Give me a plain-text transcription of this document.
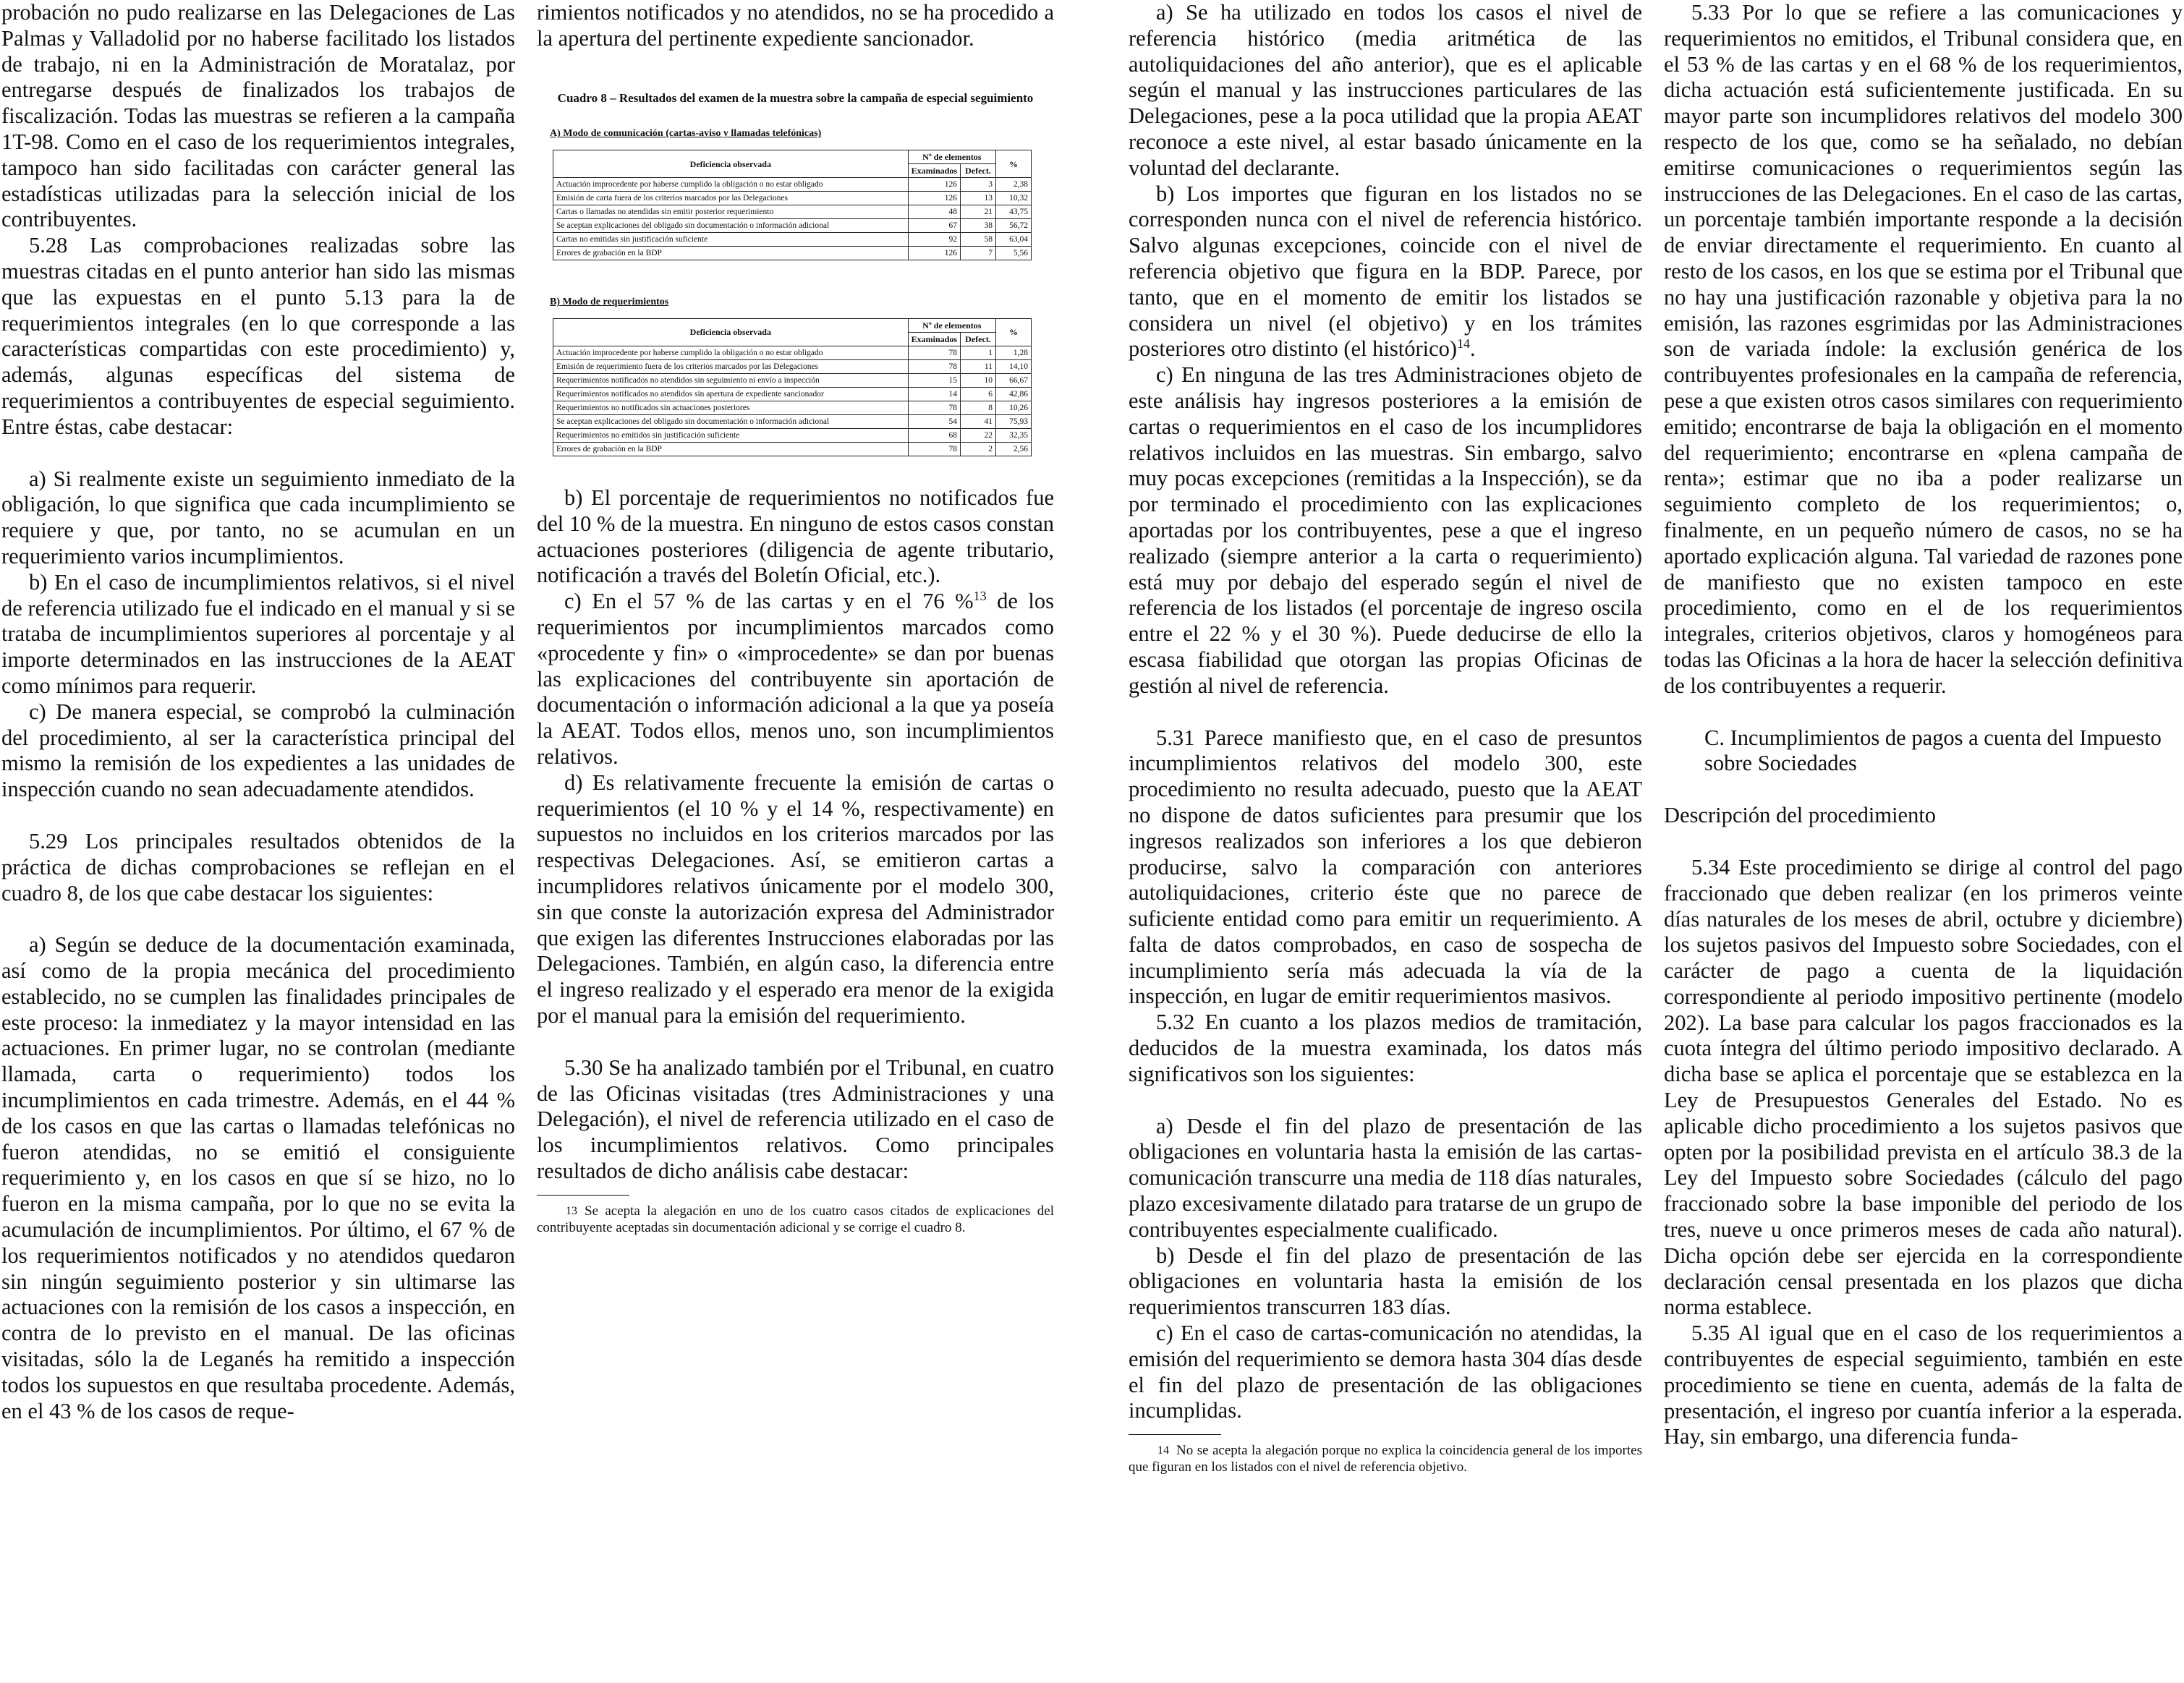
probación no pudo realizarse en las Delegaciones de Las Palmas y Valladolid por no haberse facilitado los listados de trabajo, ni en la Administración de Moratalaz, por entregarse después de finalizados los trabajos de fiscalización. Todas las muestras se refieren a la campaña 1T-98. Como en el caso de los requerimientos integrales, tampoco han sido facilitadas con carácter general las estadísticas utilizadas para la selección inicial de los contribuyentes.

5.28 Las comprobaciones realizadas sobre las muestras citadas en el punto anterior han sido las mismas que las expuestas en el punto 5.13 para la de requerimientos integrales (en lo que corresponde a las características compartidas con este procedimiento) y, además, algunas específicas del sistema de requerimientos a contribuyentes de especial seguimiento. Entre éstas, cabe destacar:

a) Si realmente existe un seguimiento inmediato de la obligación, lo que significa que cada incumplimiento se requiere y que, por tanto, no se acumulan en un requerimiento varios incumplimientos.

b) En el caso de incumplimientos relativos, si el nivel de referencia utilizado fue el indicado en el manual y si se trataba de incumplimientos superiores al porcentaje y al importe determinados en las instrucciones de la AEAT como mínimos para requerir.

c) De manera especial, se comprobó la culminación del procedimiento, al ser la característica principal del mismo la remisión de los expedientes a las unidades de inspección cuando no sean adecuadamente atendidos.

5.29 Los principales resultados obtenidos de la práctica de dichas comprobaciones se reflejan en el cuadro 8, de los que cabe destacar los siguientes:

a) Según se deduce de la documentación examinada, así como de la propia mecánica del procedimiento establecido, no se cumplen las finalidades principales de este proceso: la inmediatez y la mayor intensidad en las actuaciones. En primer lugar, no se controlan (mediante llamada, carta o requerimiento) todos los incumplimientos en cada trimestre. Además, en el 44 % de los casos en que las cartas o llamadas telefónicas no fueron atendidas, no se emitió el consiguiente requerimiento y, en los casos en que sí se hizo, no lo fueron en la misma campaña, por lo que no se evita la acumulación de incumplimientos. Por último, el 67 % de los requerimientos notificados y no atendidos quedaron sin ningún seguimiento posterior y sin ultimarse las actuaciones con la remisión de los casos a inspección, en contra de lo previsto en el manual. De las oficinas visitadas, sólo la de Leganés ha remitido a inspección todos los supuestos en que resultaba procedente. Además, en el 43 % de los casos de reque-

rimientos notificados y no atendidos, no se ha procedido a la apertura del pertinente expediente sancionador.

Cuadro 8 – Resultados del examen de la muestra sobre la campaña de especial seguimiento
A) Modo de comunicación (cartas-aviso y llamadas telefónicas)
Deficiencia observada	Nº de elementos		%
	Examinados	Defect.	
Actuación improcedente por haberse cumplido la obligación o no estar obligado	126	3	2,38
Emisión de carta fuera de los criterios marcados por las Delegaciones	126	13	10,32
Cartas o llamadas no atendidas sin emitir posterior requerimiento	48	21	43,75
Se aceptan explicaciones del obligado sin documentación o información adicional	67	38	56,72
Cartas no emitidas sin justificación suficiente	92	58	63,04
Errores de grabación en la BDP	126	7	5,56
B) Modo de requerimientos
Deficiencia observada	Nº de elementos		%
	Examinados	Defect.	
Actuación improcedente por haberse cumplido la obligación o no estar obligado	78	1	1,28
Emisión de requerimiento fuera de los criterios marcados por las Delegaciones	78	11	14,10
Requerimientos notificados no atendidos sin seguimiento ni envío a inspección	15	10	66,67
Requerimientos notificados no atendidos sin apertura de expediente sancionador	14	6	42,86
Requerimientos no notificados sin actuaciones posteriores	78	8	10,26
Se aceptan explicaciones del obligado sin documentación o información adicional	54	41	75,93
Requerimientos no emitidos sin justificación suficiente	68	22	32,35
Errores de grabación en la BDP	78	2	2,56

b) El porcentaje de requerimientos no notificados fue del 10 % de la muestra. En ninguno de estos casos constan actuaciones posteriores (diligencia de agente tributario, notificación a través del Boletín Oficial, etc.).

c) En el 57 % de las cartas y en el 76 %$^{13}$ de los requerimientos por incumplimientos marcados como «procedente y fin» o «improcedente» se dan por buenas las explicaciones del contribuyente sin aportación de documentación o información adicional a la que ya poseía la AEAT. Todos ellos, menos uno, son incumplimientos relativos.

d) Es relativamente frecuente la emisión de cartas o requerimientos (el 10 % y el 14 %, respectivamente) en supuestos no incluidos en los criterios marcados por las respectivas Delegaciones. Así, se emitieron cartas a incumplidores relativos únicamente por el modelo 300, sin que conste la autorización expresa del Administrador que exigen las diferentes Instrucciones elaboradas por las Delegaciones. También, en algún caso, la diferencia entre el ingreso realizado y el esperado era menor de la exigida por el manual para la emisión del requerimiento.

5.30 Se ha analizado también por el Tribunal, en cuatro de las Oficinas visitadas (tres Administraciones y una Delegación), el nivel de referencia utilizado en el caso de los incumplimientos relativos. Como principales resultados de dicho análisis cabe destacar:

13 Se acepta la alegación en uno de los cuatro casos citados de explicaciones del contribuyente aceptadas sin documentación adicional y se corrige el cuadro 8.

a) Se ha utilizado en todos los casos el nivel de referencia histórico (media aritmética de las autoliquidaciones del año anterior), que es el aplicable según el manual y las instrucciones particulares de las Delegaciones, pese a la poca utilidad que la propia AEAT reconoce a este nivel, al estar basado únicamente en la voluntad del declarante.

b) Los importes que figuran en los listados no se corresponden nunca con el nivel de referencia histórico. Salvo algunas excepciones, coincide con el nivel de referencia objetivo que figura en la BDP. Parece, por tanto, que en el momento de emitir los listados se considera un nivel (el objetivo) y en los trámites posteriores otro distinto (el histórico)$^{14}$.

c) En ninguna de las tres Administraciones objeto de este análisis hay ingresos posteriores a la emisión de cartas o requerimientos en el caso de los incumplidores relativos incluidos en las muestras. Sin embargo, salvo muy pocas excepciones (remitidas a la Inspección), se da por terminado el procedimiento con las explicaciones aportadas por los contribuyentes, pese a que el ingreso realizado (siempre anterior a la carta o requerimiento) está muy por debajo del esperado según el nivel de referencia de los listados (el porcentaje de ingreso oscila entre el 22 % y el 30 %). Puede deducirse de ello la escasa fiabilidad que otorgan las propias Oficinas de gestión al nivel de referencia.

5.31 Parece manifiesto que, en el caso de presuntos incumplimientos relativos del modelo 300, este procedimiento no resulta adecuado, puesto que la AEAT no dispone de datos suficientes para presumir que los ingresos realizados son inferiores a los que debieron producirse, salvo la comparación con anteriores autoliquidaciones, criterio éste que no parece de suficiente entidad como para emitir un requerimiento. A falta de datos comprobados, en caso de sospecha de incumplimiento sería más adecuada la vía de la inspección, en lugar de emitir requerimientos masivos.

5.32 En cuanto a los plazos medios de tramitación, deducidos de la muestra examinada, los datos más significativos son los siguientes:

a) Desde el fin del plazo de presentación de las obligaciones en voluntaria hasta la emisión de las cartas-comunicación transcurre una media de 118 días naturales, plazo excesivamente dilatado para tratarse de un grupo de contribuyentes especialmente cualificado.

b) Desde el fin del plazo de presentación de las obligaciones en voluntaria hasta la emisión de los requerimientos transcurren 183 días.

c) En el caso de cartas-comunicación no atendidas, la emisión del requerimiento se demora hasta 304 días desde el fin del plazo de presentación de las obligaciones incumplidas.

14 No se acepta la alegación porque no explica la coincidencia general de los importes que figuran en los listados con el nivel de referencia objetivo.

5.33 Por lo que se refiere a las comunicaciones y requerimientos no emitidos, el Tribunal considera que, en el 53 % de las cartas y en el 68 % de los requerimientos, dicha actuación está suficientemente justificada. En su mayor parte son incumplidores relativos del modelo 300 respecto de los que, como se ha señalado, no debían emitirse comunicaciones o requerimientos según las instrucciones de las Delegaciones. En el caso de las cartas, un porcentaje también importante responde a la decisión de enviar directamente el requerimiento. En cuanto al resto de los casos, en los que se estima por el Tribunal que no hay una justificación razonable y objetiva para la no emisión, las razones esgrimidas por las Administraciones son de variada índole: la exclusión genérica de los contribuyentes profesionales en la campaña de referencia, pese a que existen otros casos similares con requerimiento emitido; encontrarse de baja la obligación en el momento del requerimiento; encontrarse en «plena campaña de renta»; estimar que no iba a poder realizarse un seguimiento completo de los requerimientos; o, finalmente, en un pequeño número de casos, no se ha aportado explicación alguna. Tal variedad de razones pone de manifiesto que no existen tampoco en este procedimiento, como en el de los requerimientos integrales, criterios objetivos, claros y homogéneos para todas las Oficinas a la hora de hacer la selección definitiva de los contribuyentes a requerir.

C. Incumplimientos de pagos a cuenta del Impuesto sobre Sociedades

Descripción del procedimiento

5.34 Este procedimiento se dirige al control del pago fraccionado que deben realizar (en los primeros veinte días naturales de los meses de abril, octubre y diciembre) los sujetos pasivos del Impuesto sobre Sociedades, con el carácter de pago a cuenta de la liquidación correspondiente al periodo impositivo pertinente (modelo 202). La base para calcular los pagos fraccionados es la cuota íntegra del último periodo impositivo declarado. A dicha base se aplica el porcentaje que se establezca en la Ley de Presupuestos Generales del Estado. No es aplicable dicho procedimiento a los sujetos pasivos que opten por la posibilidad prevista en el artículo 38.3 de la Ley del Impuesto sobre Sociedades (cálculo del pago fraccionado sobre la base imponible del periodo de los tres, nueve u once primeros meses de cada año natural). Dicha opción debe ser ejercida en la correspondiente declaración censal presentada en los plazos que dicha norma establece.

5.35 Al igual que en el caso de los requerimientos a contribuyentes de especial seguimiento, también en este procedimiento se tiene en cuenta, además de la falta de presentación, el ingreso por cuantía inferior a la esperada. Hay, sin embargo, una diferencia funda-
